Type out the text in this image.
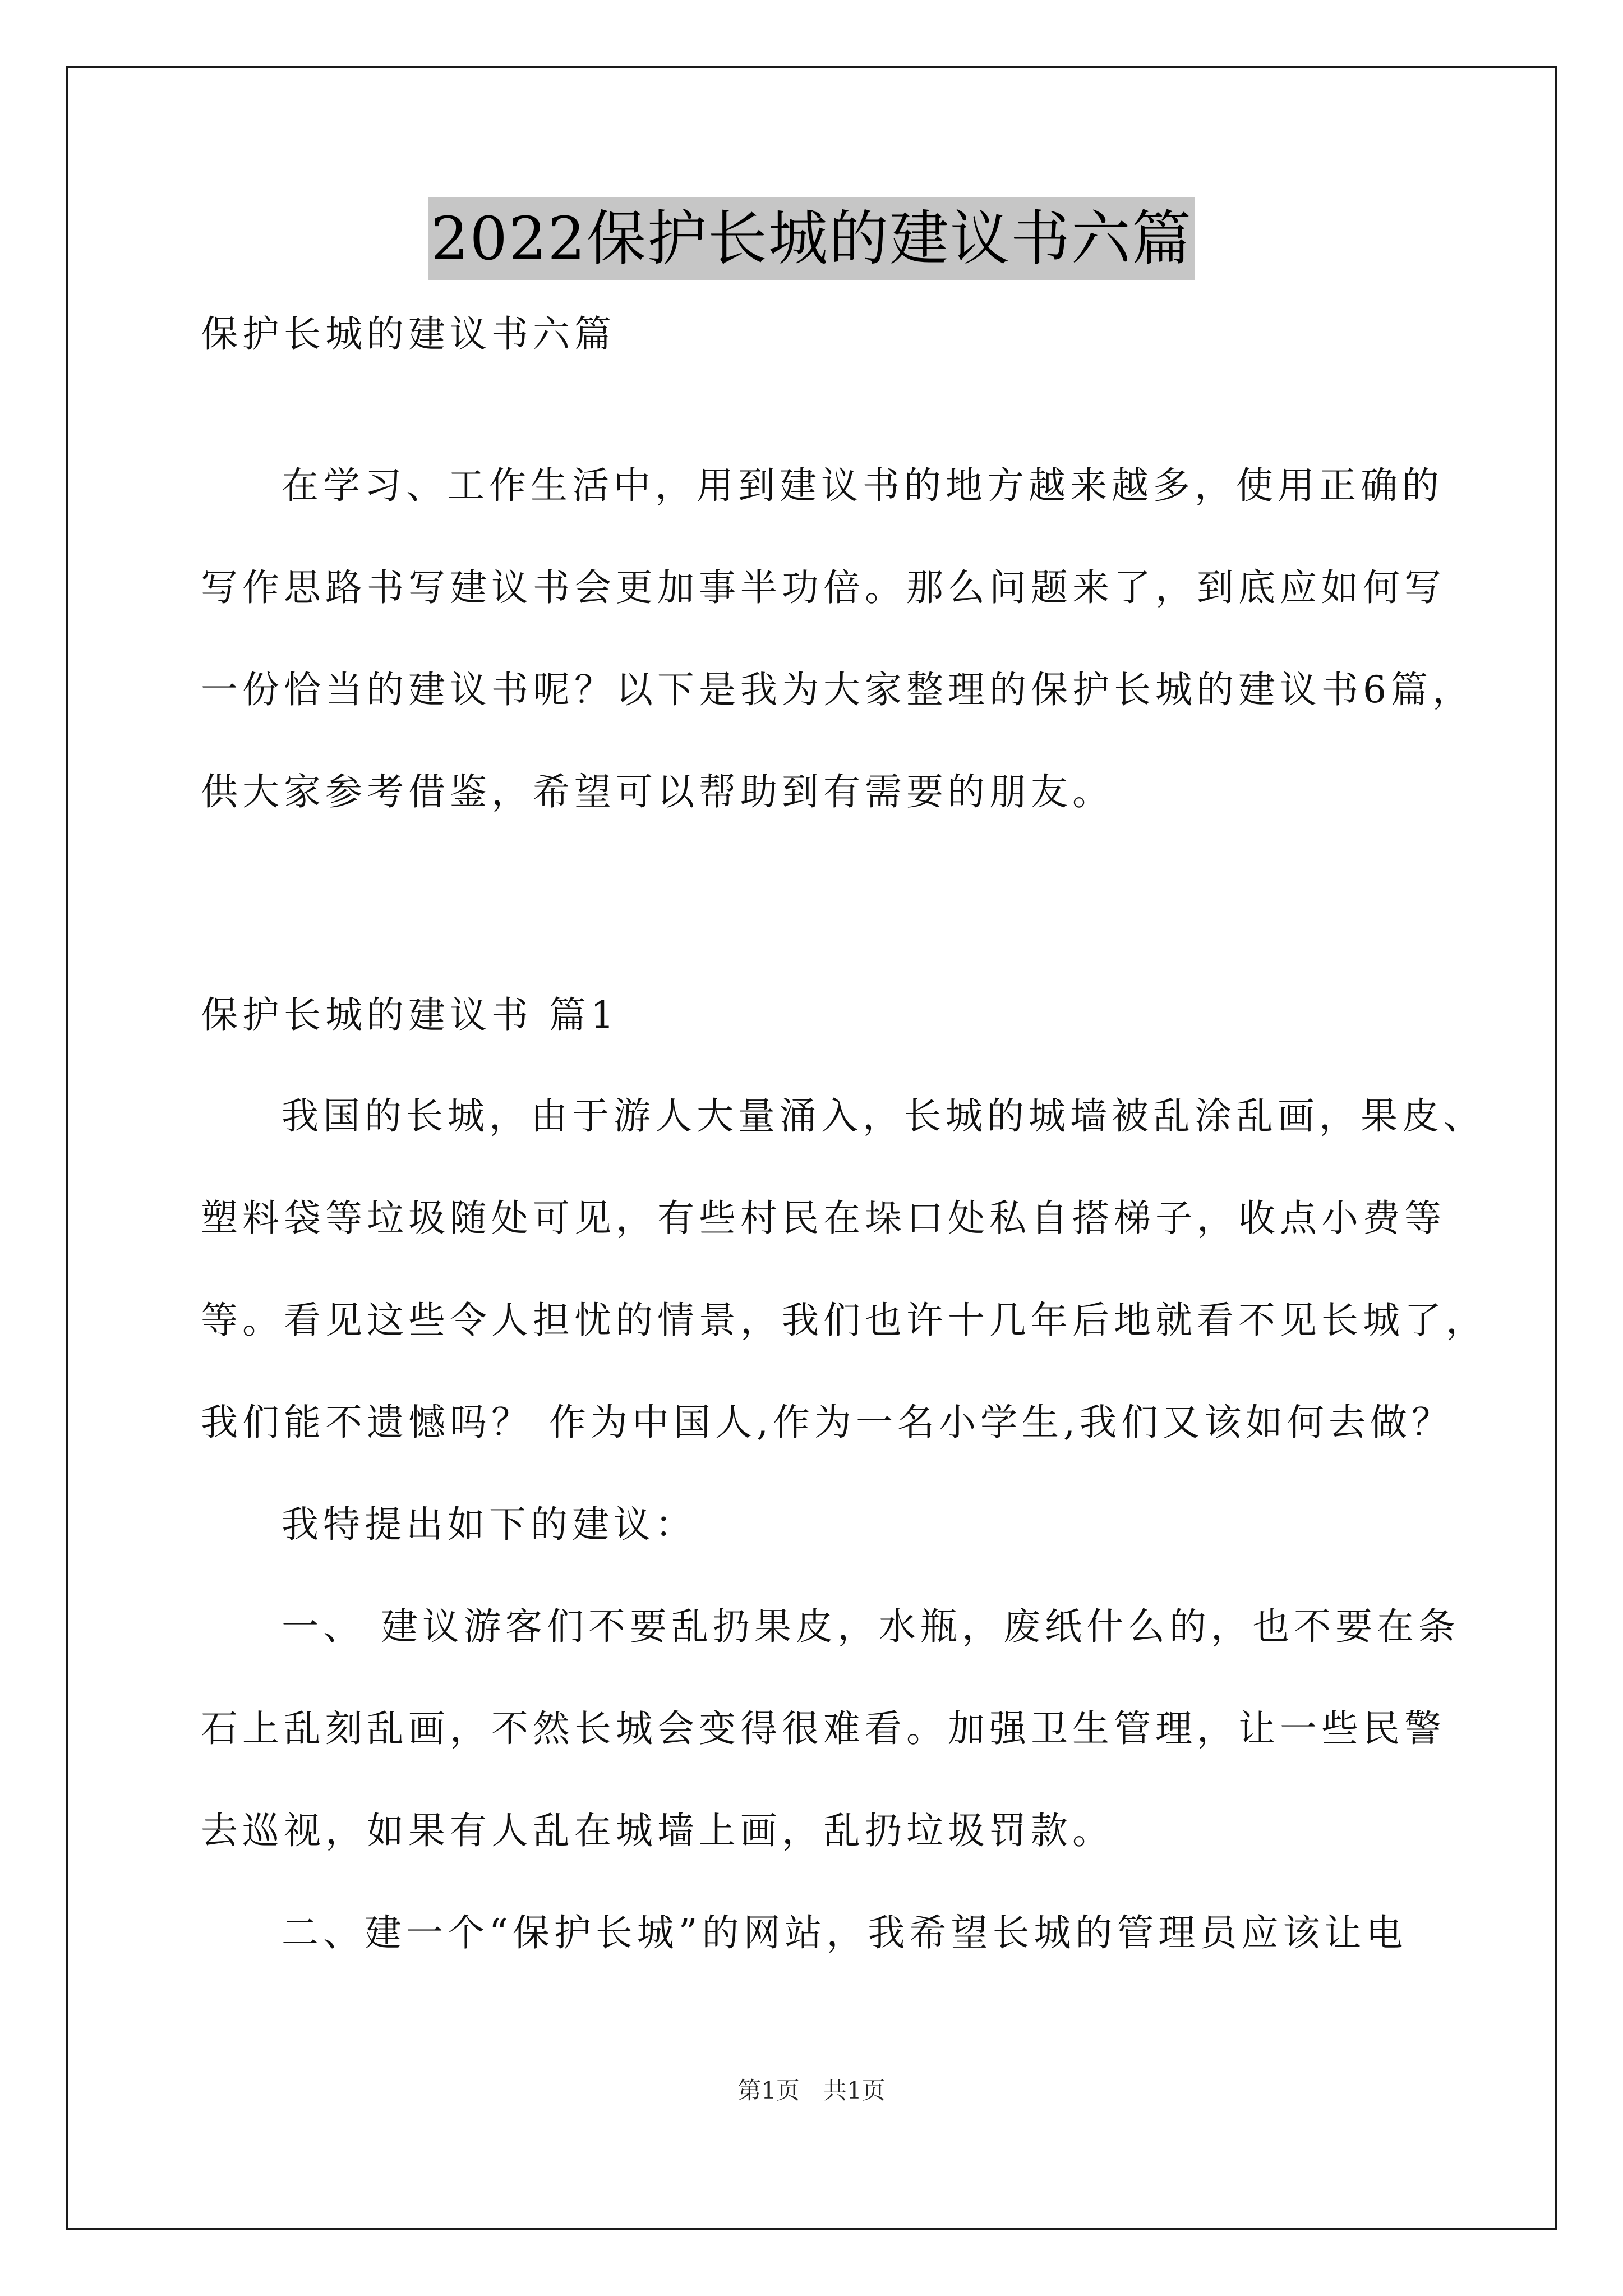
2022保护长城的建议书六篇
保护长城的建议书六篇
在学习、工作生活中，用到建议书的地方越来越多，使用正确的
写作思路书写建议书会更加事半功倍。那么问题来了，到底应如何写
一份恰当的建议书呢？以下是我为大家整理的保护长城的建议书6篇，
供大家参考借鉴，希望可以帮助到有需要的朋友。
保护长城的建议书 篇1
我国的长城，由于游人大量涌入，长城的城墙被乱涂乱画，果皮、
塑料袋等垃圾随处可见，有些村民在垛口处私自搭梯子，收点小费等
等。看见这些令人担忧的情景，我们也许十几年后地就看不见长城了，
我们能不遗憾吗？ 作为中国人,作为一名小学生,我们又该如何去做？
我特提出如下的建议：
一、 建议游客们不要乱扔果皮，水瓶，废纸什么的，也不要在条
石上乱刻乱画，不然长城会变得很难看。加强卫生管理，让一些民警
去巡视，如果有人乱在城墙上画，乱扔垃圾罚款。
二、建一个“保护长城”的网站，我希望长城的管理员应该让电
第1页　共1页
